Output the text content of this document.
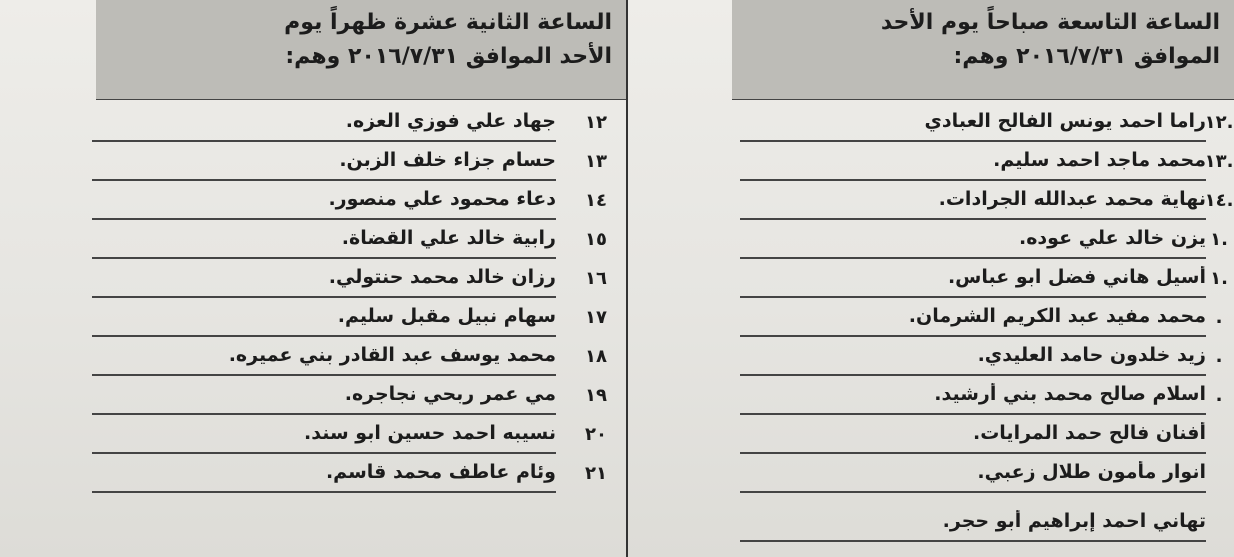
الساعة الثانية عشرة ظهراً يوم
الأحد الموافق ٢٠١٦/٧/٣١ وهم:
١٢
جهاد علي فوزي العزه.
١٣
حسام جزاء خلف الزبن.
١٤
دعاء محمود علي منصور.
١٥
رابية خالد علي القضاة.
١٦
رزان خالد محمد حنتولي.
١٧
سهام نبيل مقبل سليم.
١٨
محمد يوسف عبد القادر بني عميره.
١٩
مي عمر ربحي نجاجره.
٢٠
نسيبه احمد حسين ابو سند.
٢١
وئام عاطف محمد قاسم.
الساعة التاسعة صباحاً يوم الأحد
الموافق ٢٠١٦/٧/٣١ وهم:
١٢.
راما احمد يونس الفالح العبادي
١٣.
محمد ماجد احمد سليم.
١٤.
نهاية محمد عبدالله الجرادات.
١.
يزن خالد علي عوده.
١.
أسيل هاني فضل ابو عباس.
.
محمد مفيد عبد الكريم الشرمان.
.
زيد خلدون حامد العليدي.
.
اسلام صالح محمد بني أرشيد.
أفنان فالح حمد المرايات.
انوار مأمون طلال زعبي.
تهاني احمد إبراهيم أبو حجر.
